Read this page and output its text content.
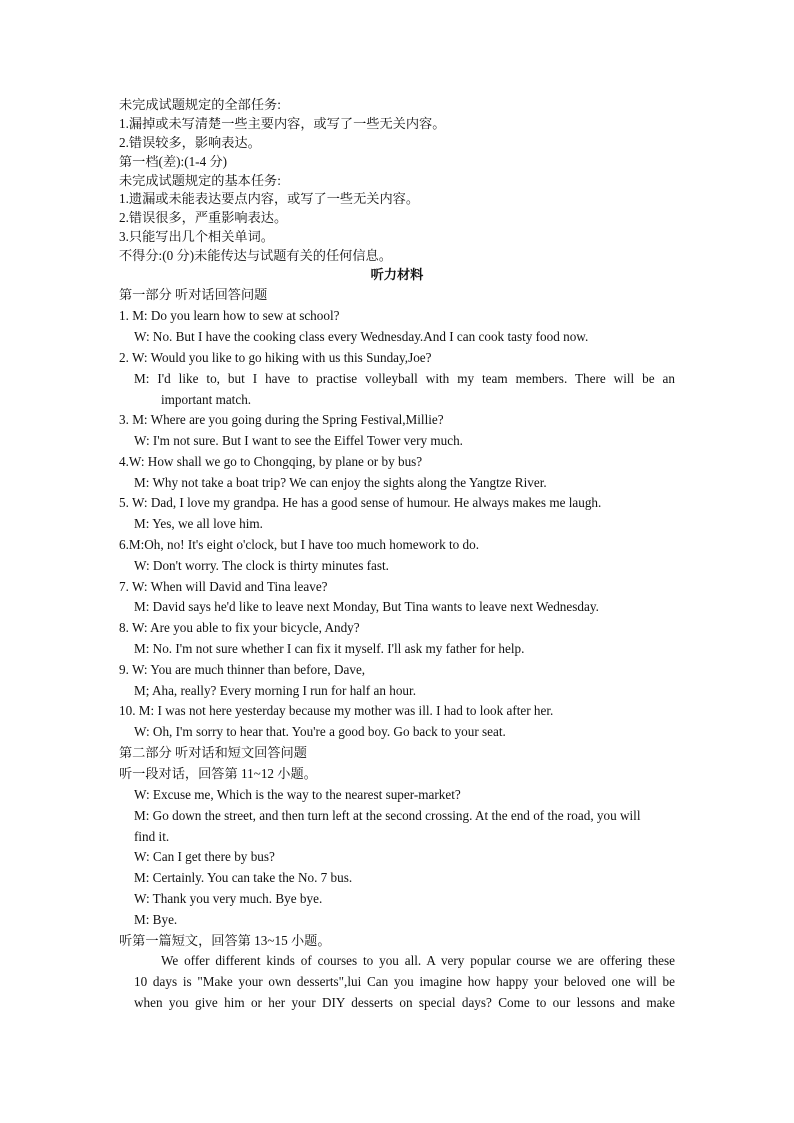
未完成试题规定的全部任务:
1.漏掉或未写清楚一些主要内容，或写了一些无关内容。
2.错误较多，影响表达。
第一档(差):(1-4 分)
未完成试题规定的基本任务:
1.遗漏或未能表达要点内容，或写了一些无关内容。
2.错误很多，严重影响表达。
3.只能写出几个相关单词。
不得分:(0 分)未能传达与试题有关的任何信息。
听力材料
第一部分 听对话回答问题
1. M: Do you learn how to sew at school?
W: No. But I have the cooking class every Wednesday.And I can cook tasty food now.
2. W: Would you like to go hiking with us this Sunday,Joe?
M: I'd like to, but I have to practise volleyball with my team members. There will be an
important match.
3. M: Where are you going during the Spring Festival,Millie?
W: I'm not sure. But I want to see the Eiffel Tower very much.
4.W: How shall we go to Chongqing, by plane or by bus?
M: Why not take a boat trip? We can enjoy the sights along the Yangtze River.
5. W: Dad, I love my grandpa. He has a good sense of humour. He always makes me laugh.
M: Yes, we all love him.
6.M:Oh, no! It's eight o'clock, but I have too much homework to do.
W: Don't worry. The clock is thirty minutes fast.
7. W: When will David and Tina leave?
M: David says he'd like to leave next Monday, But Tina wants to leave next Wednesday.
8. W: Are you able to fix your bicycle, Andy?
M: No. I'm not sure whether I can fix it myself. I'll ask my father for help.
9. W: You are much thinner than before, Dave,
M; Aha, really? Every morning I run for half an hour.
10. M: I was not here yesterday because my mother was ill. I had to look after her.
W: Oh, I'm sorry to hear that. You're a good boy. Go back to your seat.
第二部分 听对话和短文回答问题
听一段对话，回答第 11~12 小题。
W: Excuse me, Which is the way to the nearest super-market?
M: Go down the street, and then turn left at the second crossing. At the end of the road, you will
find it.
W: Can I get there by bus?
M: Certainly. You can take the No. 7 bus.
W: Thank you very much. Bye bye.
M: Bye.
听第一篇短文，回答第 13~15 小题。
We offer different kinds of courses to you all. A very popular course we are offering these
10 days is "Make your own desserts",lui Can you imagine how happy your beloved one will be
when you give him or her your DIY desserts on special days? Come to our lessons and make
